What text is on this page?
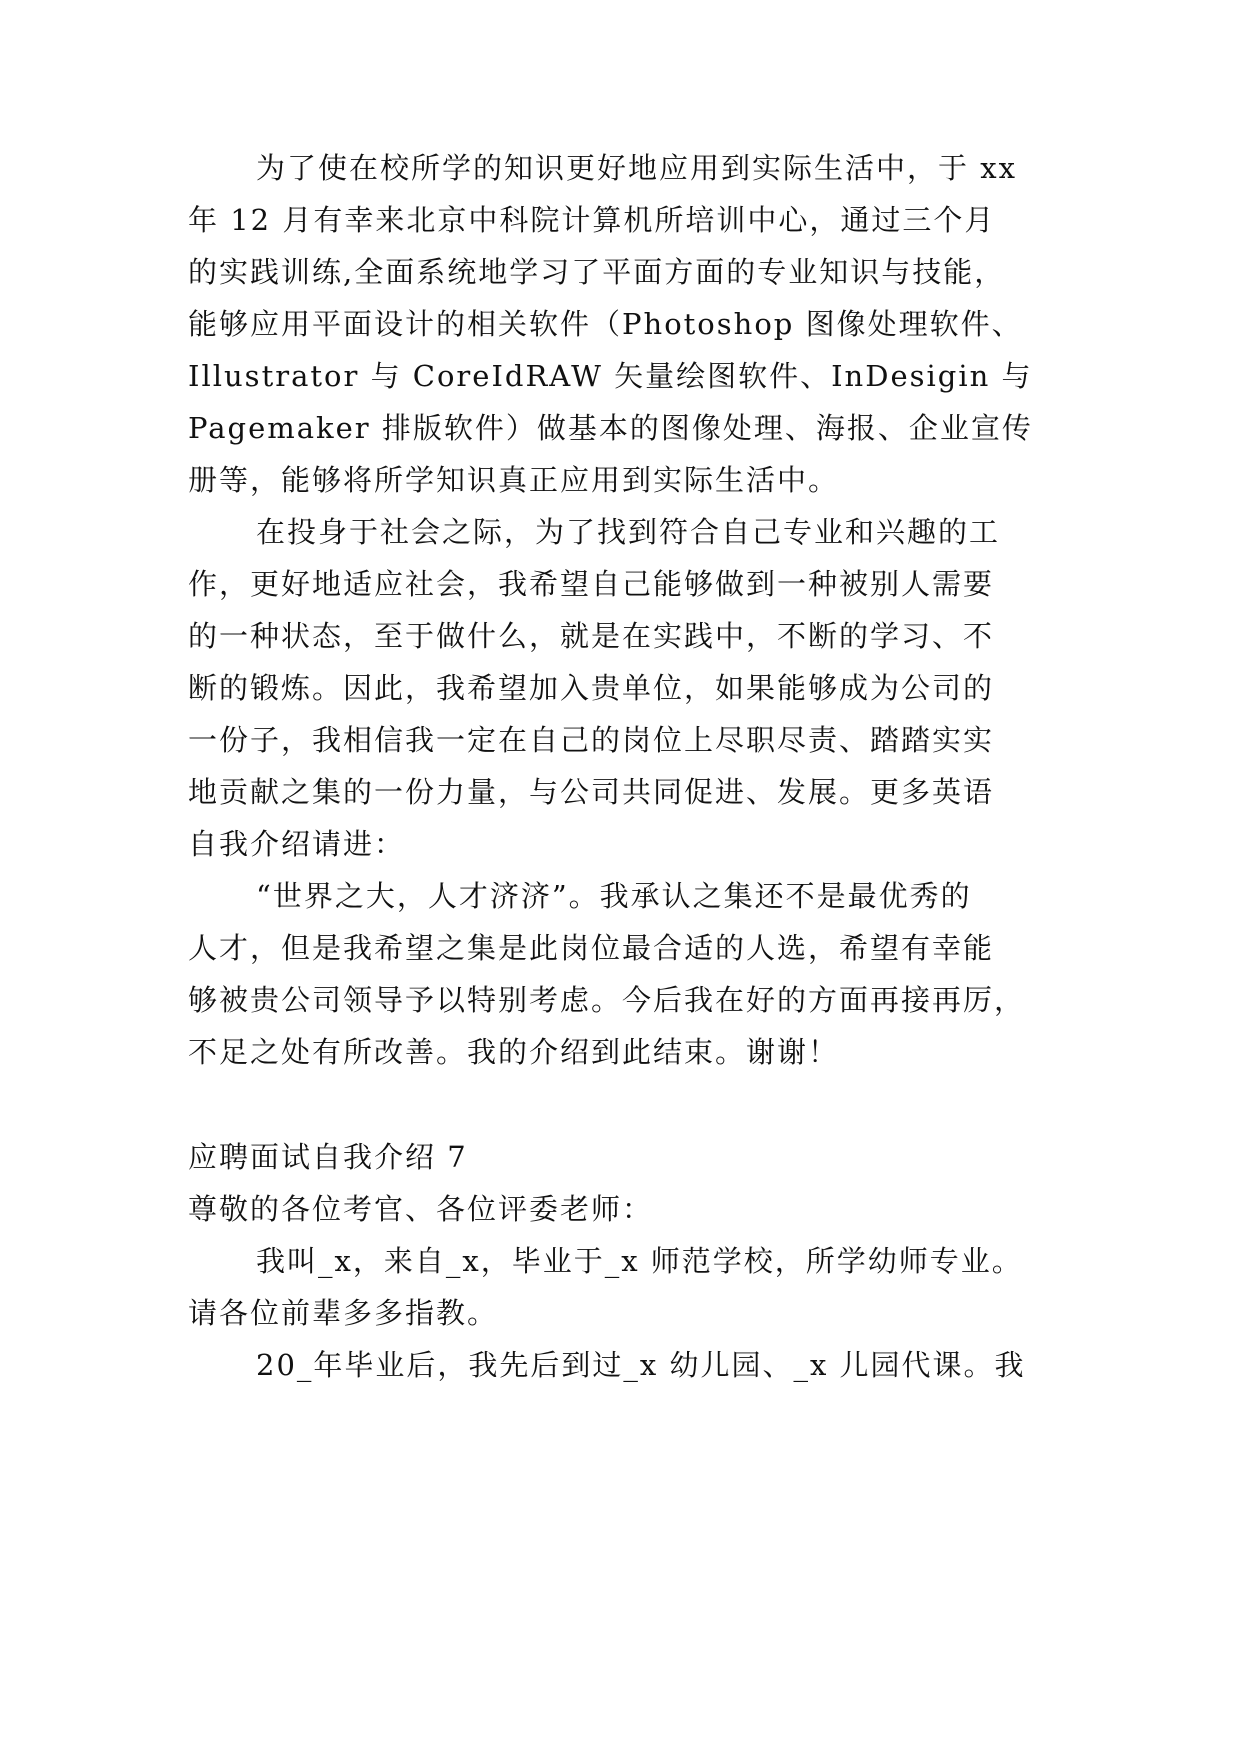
为了使在校所学的知识更好地应用到实际生活中，于 xx
年 12 月有幸来北京中科院计算机所培训中心，通过三个月
的实践训练,全面系统地学习了平面方面的专业知识与技能，
能够应用平面设计的相关软件（Photoshop 图像处理软件、
Illustrator 与 CoreIdRAW 矢量绘图软件、InDesigin 与
Pagemaker 排版软件）做基本的图像处理、海报、企业宣传
册等，能够将所学知识真正应用到实际生活中。
在投身于社会之际，为了找到符合自己专业和兴趣的工
作，更好地适应社会，我希望自己能够做到一种被别人需要
的一种状态，至于做什么，就是在实践中，不断的学习、不
断的锻炼。因此，我希望加入贵单位，如果能够成为公司的
一份子，我相信我一定在自己的岗位上尽职尽责、踏踏实实
地贡献之集的一份力量，与公司共同促进、发展。更多英语
自我介绍请进：
“世界之大，人才济济”。我承认之集还不是最优秀的
人才，但是我希望之集是此岗位最合适的人选，希望有幸能
够被贵公司领导予以特别考虑。今后我在好的方面再接再厉，
不足之处有所改善。我的介绍到此结束。谢谢！
应聘面试自我介绍 7
尊敬的各位考官、各位评委老师：
我叫_x，来自_x，毕业于_x 师范学校，所学幼师专业。
请各位前辈多多指教。
20_年毕业后，我先后到过_x 幼儿园、_x 儿园代课。我
